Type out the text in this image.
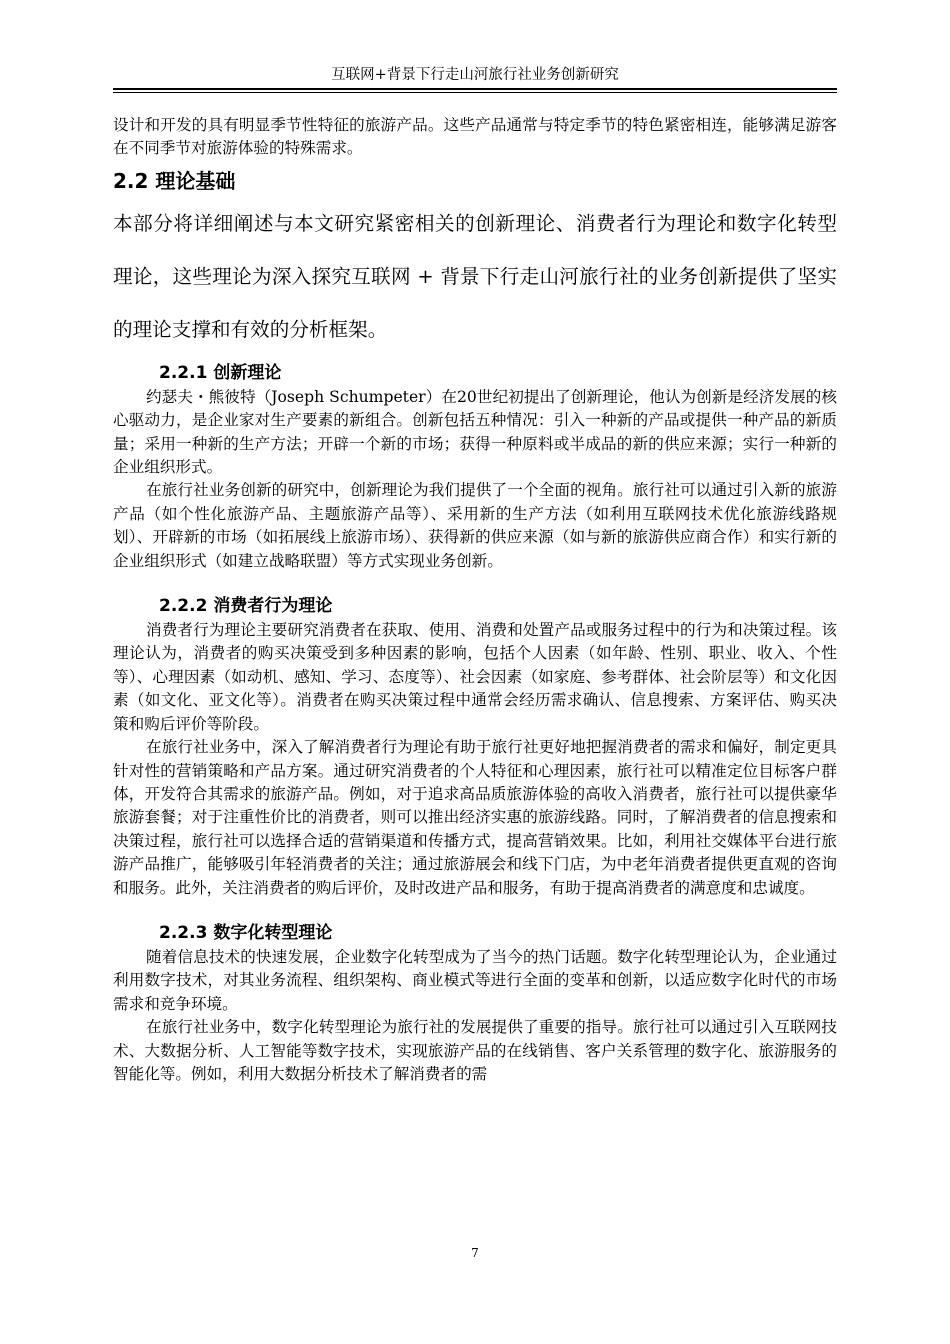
互联网+背景下行走山河旅行社业务创新研究

设计和开发的具有明显季节性特征的旅游产品。这些产品通常与特定季节的特色紧密相连，能够满足游客在不同季节对旅游体验的特殊需求。

2.2 理论基础

本部分将详细阐述与本文研究紧密相关的创新理论、消费者行为理论和数字化转型理论，这些理论为深入探究互联网 + 背景下行走山河旅行社的业务创新提供了坚实的理论支撑和有效的分析框架。

2.2.1 创新理论

约瑟夫・熊彼特（Joseph Schumpeter）在20世纪初提出了创新理论，他认为创新是经济发展的核心驱动力，是企业家对生产要素的新组合。创新包括五种情况：引入一种新的产品或提供一种产品的新质量；采用一种新的生产方法；开辟一个新的市场；获得一种原料或半成品的新的供应来源；实行一种新的企业组织形式。

在旅行社业务创新的研究中，创新理论为我们提供了一个全面的视角。旅行社可以通过引入新的旅游产品（如个性化旅游产品、主题旅游产品等）、采用新的生产方法（如利用互联网技术优化旅游线路规划）、开辟新的市场（如拓展线上旅游市场）、获得新的供应来源（如与新的旅游供应商合作）和实行新的企业组织形式（如建立战略联盟）等方式实现业务创新。

2.2.2 消费者行为理论

消费者行为理论主要研究消费者在获取、使用、消费和处置产品或服务过程中的行为和决策过程。该理论认为，消费者的购买决策受到多种因素的影响，包括个人因素（如年龄、性别、职业、收入、个性等）、心理因素（如动机、感知、学习、态度等）、社会因素（如家庭、参考群体、社会阶层等）和文化因素（如文化、亚文化等）。消费者在购买决策过程中通常会经历需求确认、信息搜索、方案评估、购买决策和购后评价等阶段。

在旅行社业务中，深入了解消费者行为理论有助于旅行社更好地把握消费者的需求和偏好，制定更具针对性的营销策略和产品方案。通过研究消费者的个人特征和心理因素，旅行社可以精准定位目标客户群体，开发符合其需求的旅游产品。例如，对于追求高品质旅游体验的高收入消费者，旅行社可以提供豪华旅游套餐；对于注重性价比的消费者，则可以推出经济实惠的旅游线路。同时，了解消费者的信息搜索和决策过程，旅行社可以选择合适的营销渠道和传播方式，提高营销效果。比如，利用社交媒体平台进行旅游产品推广，能够吸引年轻消费者的关注；通过旅游展会和线下门店，为中老年消费者提供更直观的咨询和服务。此外，关注消费者的购后评价，及时改进产品和服务，有助于提高消费者的满意度和忠诚度。

2.2.3 数字化转型理论

随着信息技术的快速发展，企业数字化转型成为了当今的热门话题。数字化转型理论认为，企业通过利用数字技术，对其业务流程、组织架构、商业模式等进行全面的变革和创新，以适应数字化时代的市场需求和竞争环境。

在旅行社业务中，数字化转型理论为旅行社的发展提供了重要的指导。旅行社可以通过引入互联网技术、大数据分析、人工智能等数字技术，实现旅游产品的在线销售、客户关系管理的数字化、旅游服务的智能化等。例如，利用大数据分析技术了解消费者的需

7
